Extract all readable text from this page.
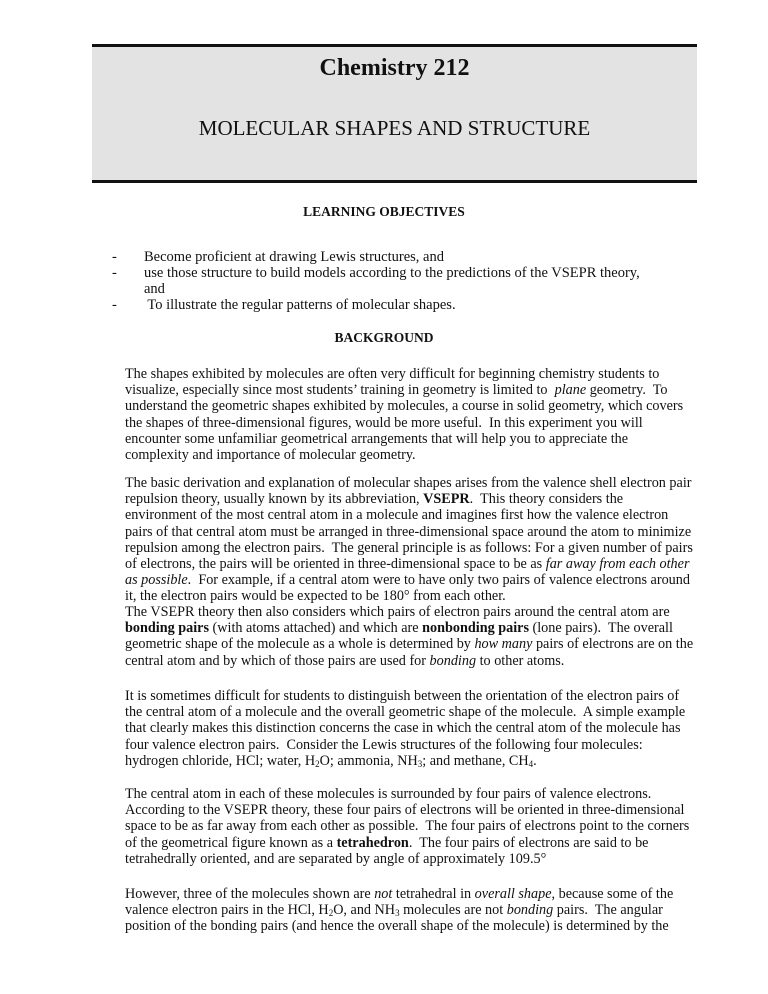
Chemistry 212
MOLECULAR SHAPES AND STRUCTURE
LEARNING OBJECTIVES
- Become proficient at drawing Lewis structures, and
- use those structure to build models according to the predictions of the VSEPR theory,
and
- To illustrate the regular patterns of molecular shapes.
BACKGROUND
The shapes exhibited by molecules are often very difficult for beginning chemistry students to
visualize, especially since most students’ training in geometry is limited to  plane geometry.  To
understand the geometric shapes exhibited by molecules, a course in solid geometry, which covers
the shapes of three-dimensional figures, would be more useful.  In this experiment you will
encounter some unfamiliar geometrical arrangements that will help you to appreciate the
complexity and importance of molecular geometry.
The basic derivation and explanation of molecular shapes arises from the valence shell electron pair
repulsion theory, usually known by its abbreviation, VSEPR.  This theory considers the
environment of the most central atom in a molecule and imagines first how the valence electron
pairs of that central atom must be arranged in three-dimensional space around the atom to minimize
repulsion among the electron pairs.  The general principle is as follows: For a given number of pairs
of electrons, the pairs will be oriented in three-dimensional space to be as far away from each other
as possible.  For example, if a central atom were to have only two pairs of valence electrons around
it, the electron pairs would be expected to be 180° from each other.
The VSEPR theory then also considers which pairs of electron pairs around the central atom are
bonding pairs (with atoms attached) and which are nonbonding pairs (lone pairs).  The overall
geometric shape of the molecule as a whole is determined by how many pairs of electrons are on the
central atom and by which of those pairs are used for bonding to other atoms.
It is sometimes difficult for students to distinguish between the orientation of the electron pairs of
the central atom of a molecule and the overall geometric shape of the molecule.  A simple example
that clearly makes this distinction concerns the case in which the central atom of the molecule has
four valence electron pairs.  Consider the Lewis structures of the following four molecules:
hydrogen chloride, HCl; water, $H_2O$; ammonia, $NH_3$; and methane, $CH_4$.
The central atom in each of these molecules is surrounded by four pairs of valence electrons.
According to the VSEPR theory, these four pairs of electrons will be oriented in three-dimensional
space to be as far away from each other as possible.  The four pairs of electrons point to the corners
of the geometrical figure known as a tetrahedron.  The four pairs of electrons are said to be
tetrahedrally oriented, and are separated by angle of approximately 109.5°
However, three of the molecules shown are not tetrahedral in overall shape, because some of the
valence electron pairs in the HCl, $H_2O$, and $NH_3$ molecules are not bonding pairs.  The angular
position of the bonding pairs (and hence the overall shape of the molecule) is determined by the
